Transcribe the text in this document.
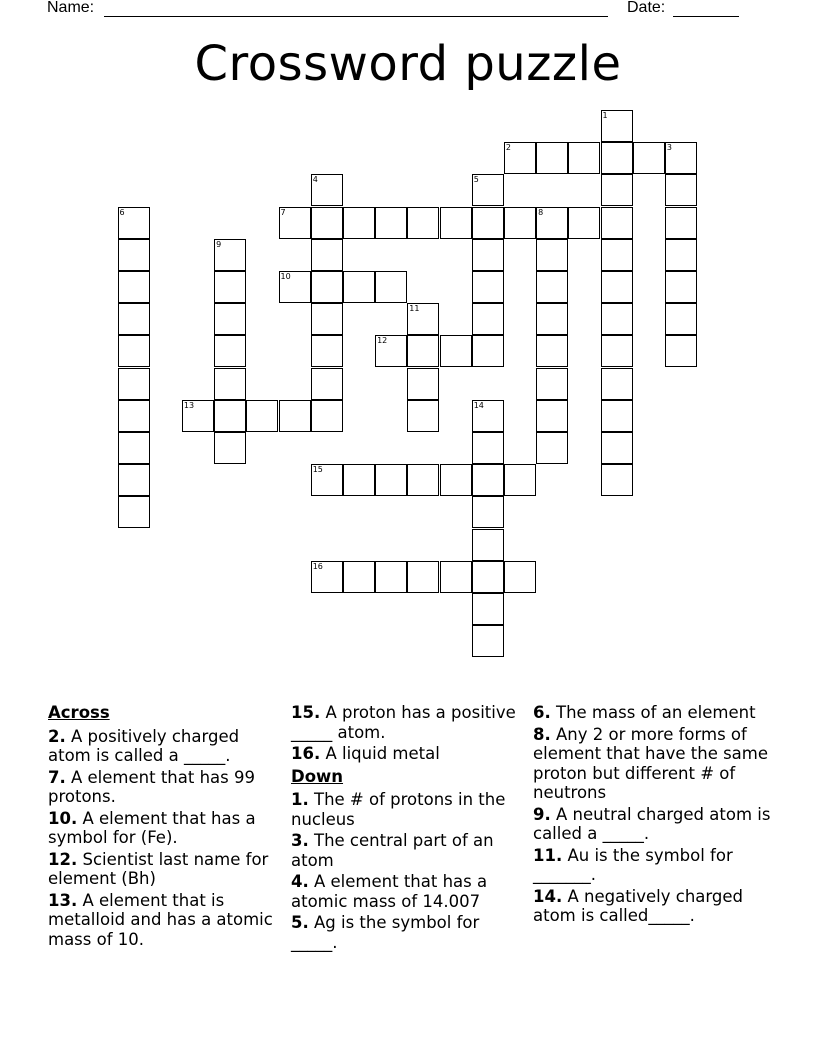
Name:	Date:
Crossword puzzle
1
2	3
4	5
6	7	8
9
10
11
12
13	14
15
16
Across
2. A positively charged atom is called a _____.
7. A element that has 99 protons.
10. A element that has a symbol for (Fe).
12. Scientist last name for element (Bh)
13. A element that is metalloid and has a atomic mass of 10.
15. A proton has a positive _____ atom.
16. A liquid metal
Down
1. The # of protons in the nucleus
3. The central part of an atom
4. A element that has a atomic mass of 14.007
5. Ag is the symbol for _____.
6. The mass of an element
8. Any 2 or more forms of element that have the same proton but different # of neutrons
9. A neutral charged atom is called a _____.
11. Au is the symbol for _______.
14. A negatively charged atom is called_____.
